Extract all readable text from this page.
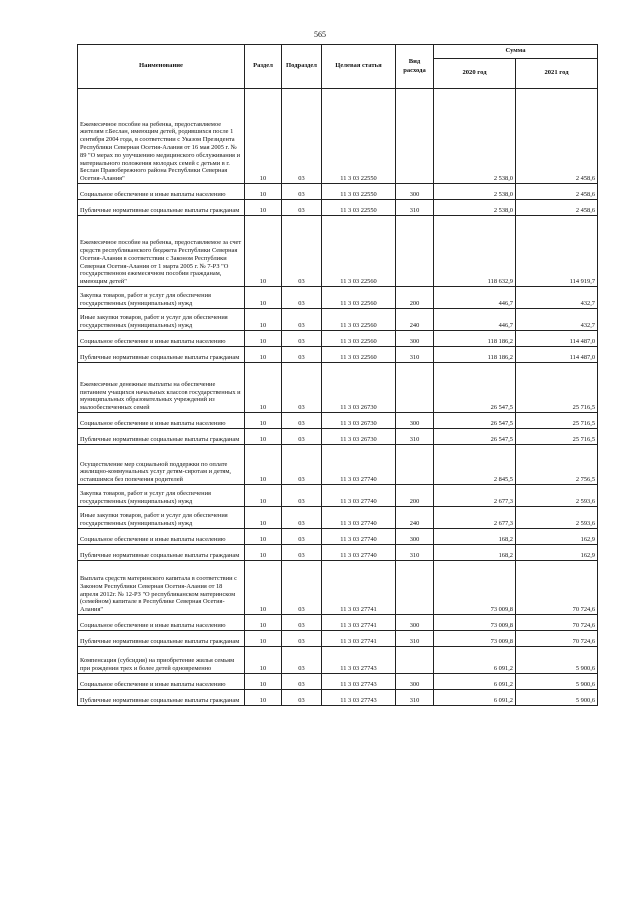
565
Наименование	Раздел	Подраздел	Целевая статья	Вид расхода	Сумма	
					2020 год	2021 год
Ежемесячное пособие на ребенка, предоставляемое жителям г.Беслан, имеющим детей, родившихся после 1 сентября 2004 года, в соответствии с Указом Президента Республики Северная Осетия-Алания от 16 мая 2005 г. № 89 "О мерах по улучшению медицинского обслуживания и материального положения молодых семей с детьми в г. Беслан Правобережного района Республики Северная Осетия-Алания"	10	03	11 3 03 22550		2 538,0	2 458,6
Социальное обеспечение и иные выплаты населению	10	03	11 3 03 22550	300	2 538,0	2 458,6
Публичные нормативные социальные выплаты гражданам	10	03	11 3 03 22550	310	2 538,0	2 458,6
Ежемесячное пособие на ребенка, предоставляемое за счет средств республиканского бюджета Республики Северная Осетия-Алания в соответствии с Законом Республики Северная Осетия-Алания от 1 марта 2005 г. № 7-РЗ "О государственном ежемесячном пособии гражданам, имеющим детей"	10	03	11 3 03 22560		118 632,9	114 919,7
Закупка товаров, работ и услуг для обеспечения государственных (муниципальных) нужд	10	03	11 3 03 22560	200	446,7	432,7
Иные закупки товаров, работ и услуг для обеспечения государственных (муниципальных) нужд	10	03	11 3 03 22560	240	446,7	432,7
Социальное обеспечение и иные выплаты населению	10	03	11 3 03 22560	300	118 186,2	114 487,0
Публичные нормативные социальные выплаты гражданам	10	03	11 3 03 22560	310	118 186,2	114 487,0
Ежемесячные денежные выплаты на обеспечение питанием учащихся начальных классов государственных и муниципальных образовательных учреждений из малообеспеченных семей	10	03	11 3 03 26730		26 547,5	25 716,5
Социальное обеспечение и иные выплаты населению	10	03	11 3 03 26730	300	26 547,5	25 716,5
Публичные нормативные социальные выплаты гражданам	10	03	11 3 03 26730	310	26 547,5	25 716,5
Осуществление мер социальной поддержки по оплате жилищно-коммунальных услуг детям-сиротам и детям, оставшимся без попечения родителей	10	03	11 3 03 27740		2 845,5	2 756,5
Закупка товаров, работ и услуг для обеспечения государственных (муниципальных) нужд	10	03	11 3 03 27740	200	2 677,3	2 593,6
Иные закупки товаров, работ и услуг для обеспечения государственных (муниципальных) нужд	10	03	11 3 03 27740	240	2 677,3	2 593,6
Социальное обеспечение и иные выплаты населению	10	03	11 3 03 27740	300	168,2	162,9
Публичные нормативные социальные выплаты гражданам	10	03	11 3 03 27740	310	168,2	162,9
Выплата средств материнского капитала в соответствии с Законом Республики Северная Осетия-Алания от 18 апреля 2012г. № 12-РЗ "О республиканском материнском (семейном) капитале в Республике Северная Осетия-Алания"	10	03	11 3 03 27741		73 009,8	70 724,6
Социальное обеспечение и иные выплаты населению	10	03	11 3 03 27741	300	73 009,8	70 724,6
Публичные нормативные социальные выплаты гражданам	10	03	11 3 03 27741	310	73 009,8	70 724,6
Компенсация (субсидия) на приобретение жилья семьям при рождении трех и более детей одновременно	10	03	11 3 03 27743		6 091,2	5 900,6
Социальное обеспечение и иные выплаты населению	10	03	11 3 03 27743	300	6 091,2	5 900,6
Публичные нормативные социальные выплаты гражданам	10	03	11 3 03 27743	310	6 091,2	5 900,6
